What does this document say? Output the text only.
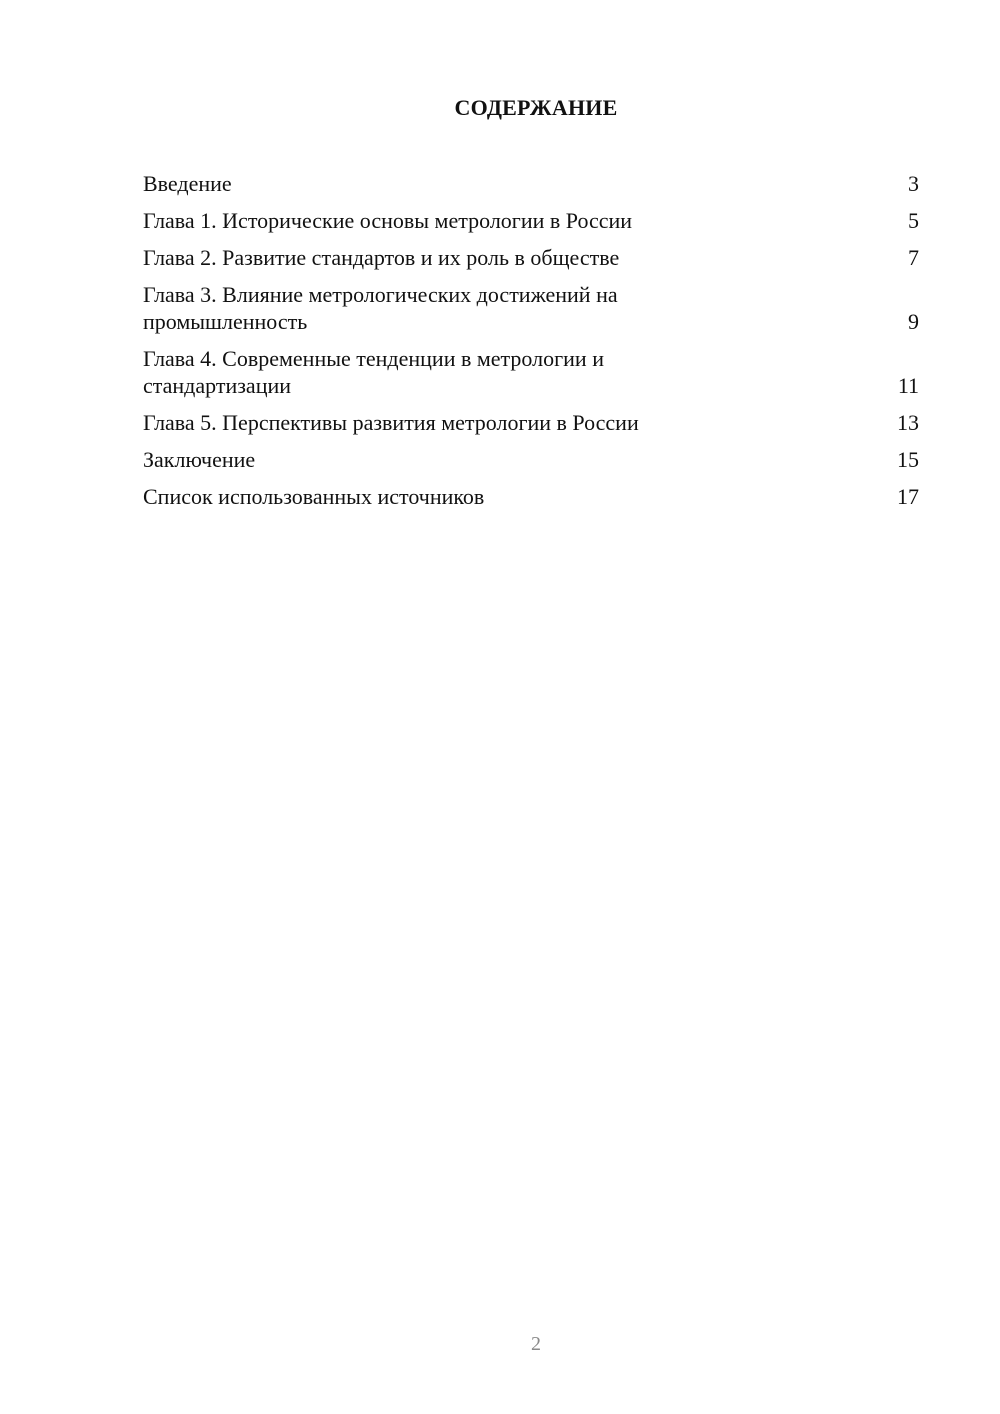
СОДЕРЖАНИЕ
Введение	3
Глава 1. Исторические основы метрологии в России	5
Глава 2. Развитие стандартов и их роль в обществе	7
Глава 3. Влияние метрологических достижений на промышленность	9
Глава 4. Современные тенденции в метрологии и стандартизации	11
Глава 5. Перспективы развития метрологии в России	13
Заключение	15
Список использованных источников	17
2
